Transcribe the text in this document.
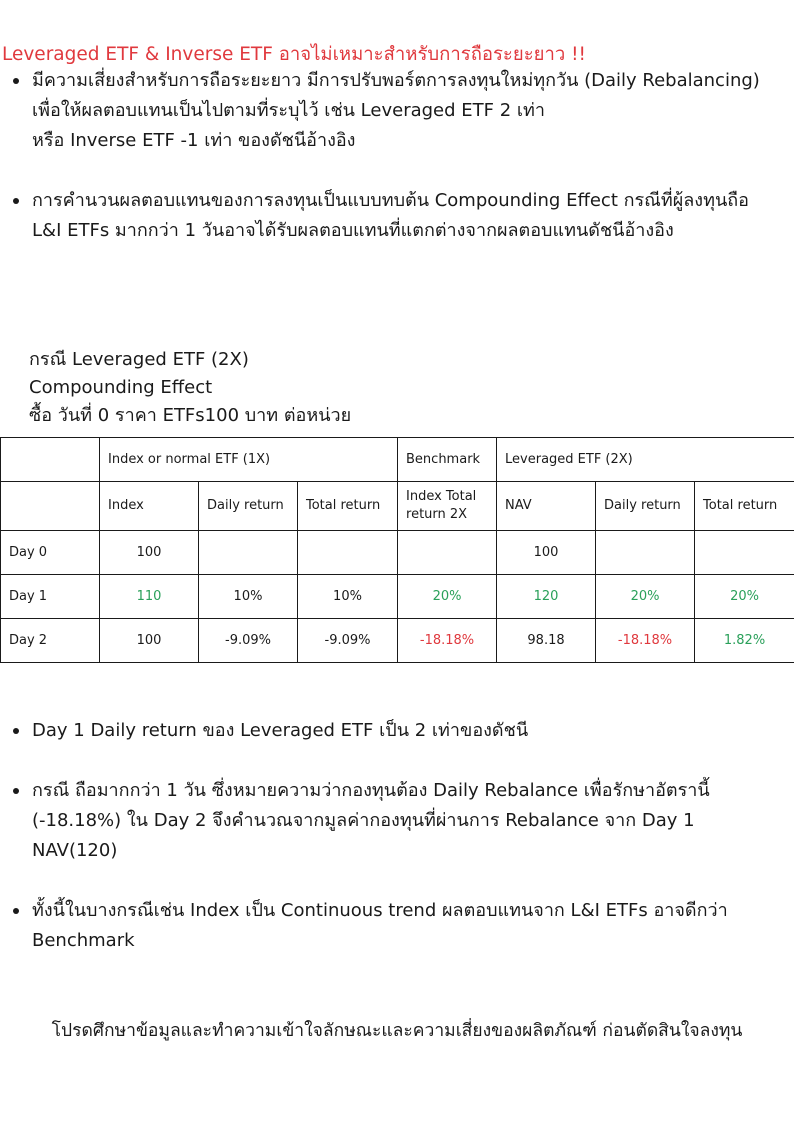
Leveraged ETF & Inverse ETF อาจไม่เหมาะสำหรับการถือระยะยาว !!
มีความเสี่ยงสำหรับการถือระยะยาว มีการปรับพอร์ตการลงทุนใหม่ทุกวัน (Daily Rebalancing)
เพื่อให้ผลตอบแทนเป็นไปตามที่ระบุไว้ เช่น Leveraged ETF 2 เท่า
หรือ Inverse ETF -1 เท่า ของดัชนีอ้างอิง
การคำนวนผลตอบแทนของการลงทุนเป็นแบบทบต้น Compounding Effect กรณีที่ผู้ลงทุนถือ
L&I ETFs มากกว่า 1 วันอาจได้รับผลตอบแทนที่แตกต่างจากผลตอบแทนดัชนีอ้างอิง
กรณี Leveraged ETF (2X)
Compounding Effect
ซื้อ วันที่ 0 ราคา ETFs100 บาท ต่อหน่วย
	Index or normal ETF (1X)			Benchmark	Leveraged ETF (2X)		
	Index	Daily return	Total return	Index Total return 2X	NAV	Daily return	Total return
Day 0	100				100		
Day 1	110	10%	10%	20%	120	20%	20%
Day 2	100	-9.09%	-9.09%	-18.18%	98.18	-18.18%	1.82%
Day 1 Daily return ของ Leveraged ETF เป็น 2 เท่าของดัชนี
กรณี ถือมากกว่า 1 วัน ซึ่งหมายความว่ากองทุนต้อง Daily Rebalance เพื่อรักษาอัตรานี้
(-18.18%) ใน Day 2 จึงคำนวณจากมูลค่ากองทุนที่ผ่านการ Rebalance จาก Day 1
NAV(120)
ทั้งนี้ในบางกรณีเช่น Index เป็น Continuous trend ผลตอบแทนจาก L&I ETFs อาจดีกว่า
Benchmark
โปรดศึกษาข้อมูลและทำความเข้าใจลักษณะและความเสี่ยงของผลิตภัณฑ์ ก่อนตัดสินใจลงทุน
